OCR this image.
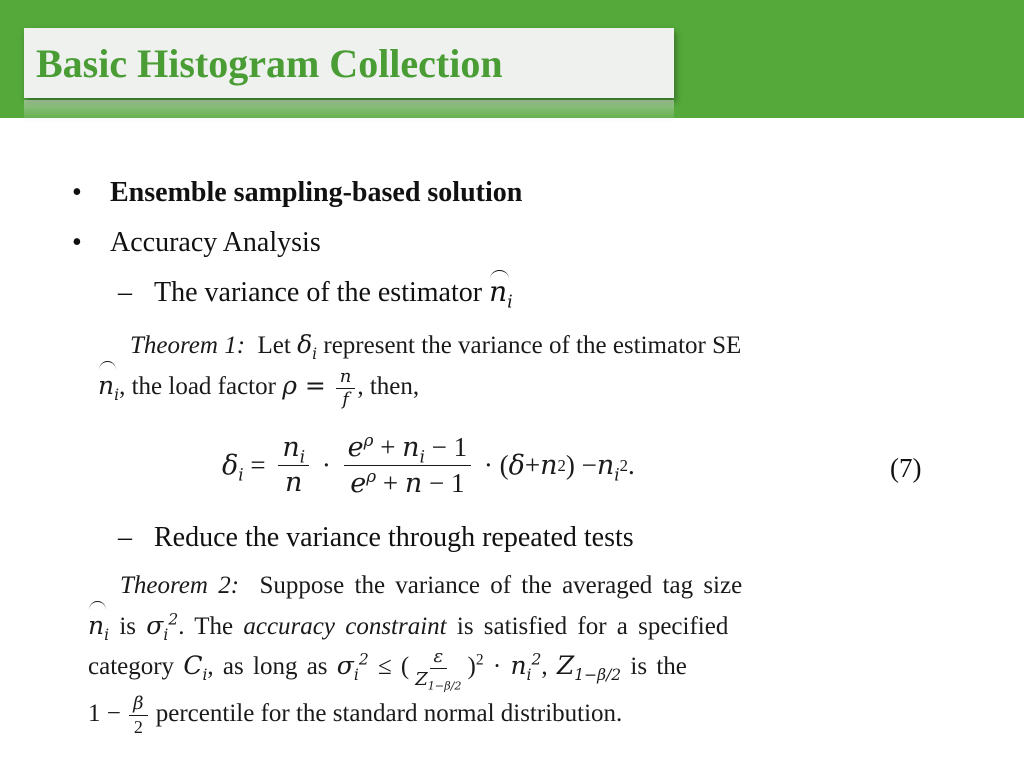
Basic Histogram Collection
• Ensemble sampling-based solution
• Accuracy Analysis
– The variance of the estimator $n_i$
Theorem 1: Let $\delta_i$ represent the variance of the estimator SE
$n_i$, the load factor $\rho = \frac{n}{f}$ , then,
$\delta_i = \frac{n_i}{n} \cdot \frac{e^\rho + n_i - 1}{e^\rho + n - 1}$ · ( δ + n 2 ) − $n_i$ 2 .	(7)
– Reduce the variance through repeated tests
Theorem 2: Suppose the variance of the averaged tag size
$n_i$ is $\sigma_i^2$. The accuracy constraint is satisfied for a specified
category $C_i$, as long as $\sigma_i^2$ ≤ ( $\frac{\varepsilon}{Z_{1-\beta/2}} )^2 \cdot n_i^2$, $Z_{1-\beta/2}$ is the
$1 - \frac{\beta}{2}$ percentile for the standard normal distribution.
